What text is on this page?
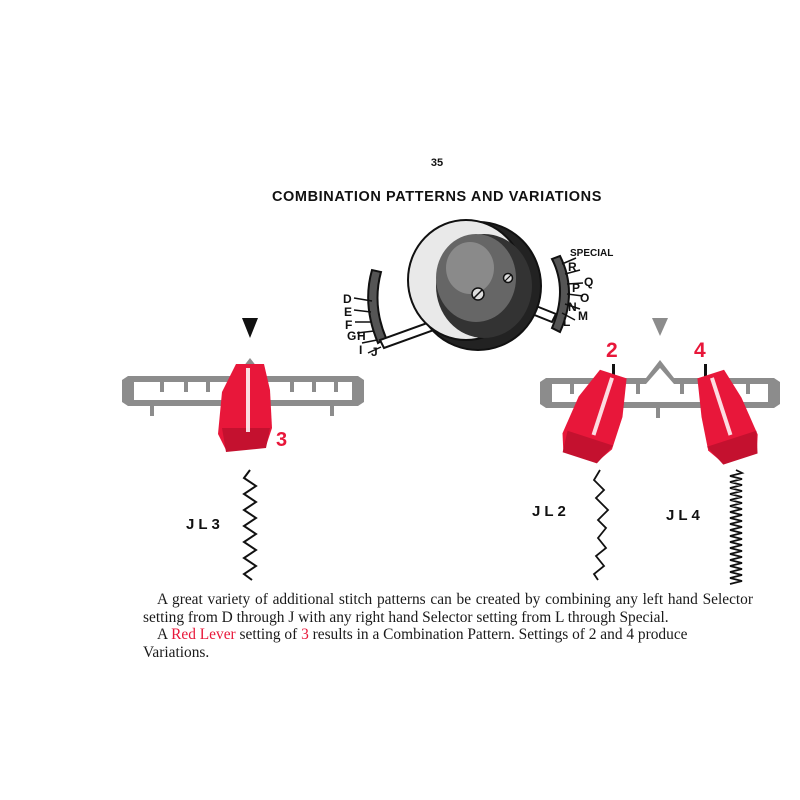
35
COMBINATION PATTERNS AND VARIATIONS
D
E
F
G H
I J
SPECIAL
R
Q
P
O
N
M
L
3
2	4
JL3
JL2	JL4

A great variety of additional stitch patterns can be created by combining any left hand Selector setting from D through J with any right hand Selector setting from L through Special.

A Red Lever setting of 3 results in a Combination Pattern. Settings of 2 and 4 produce Variations.
